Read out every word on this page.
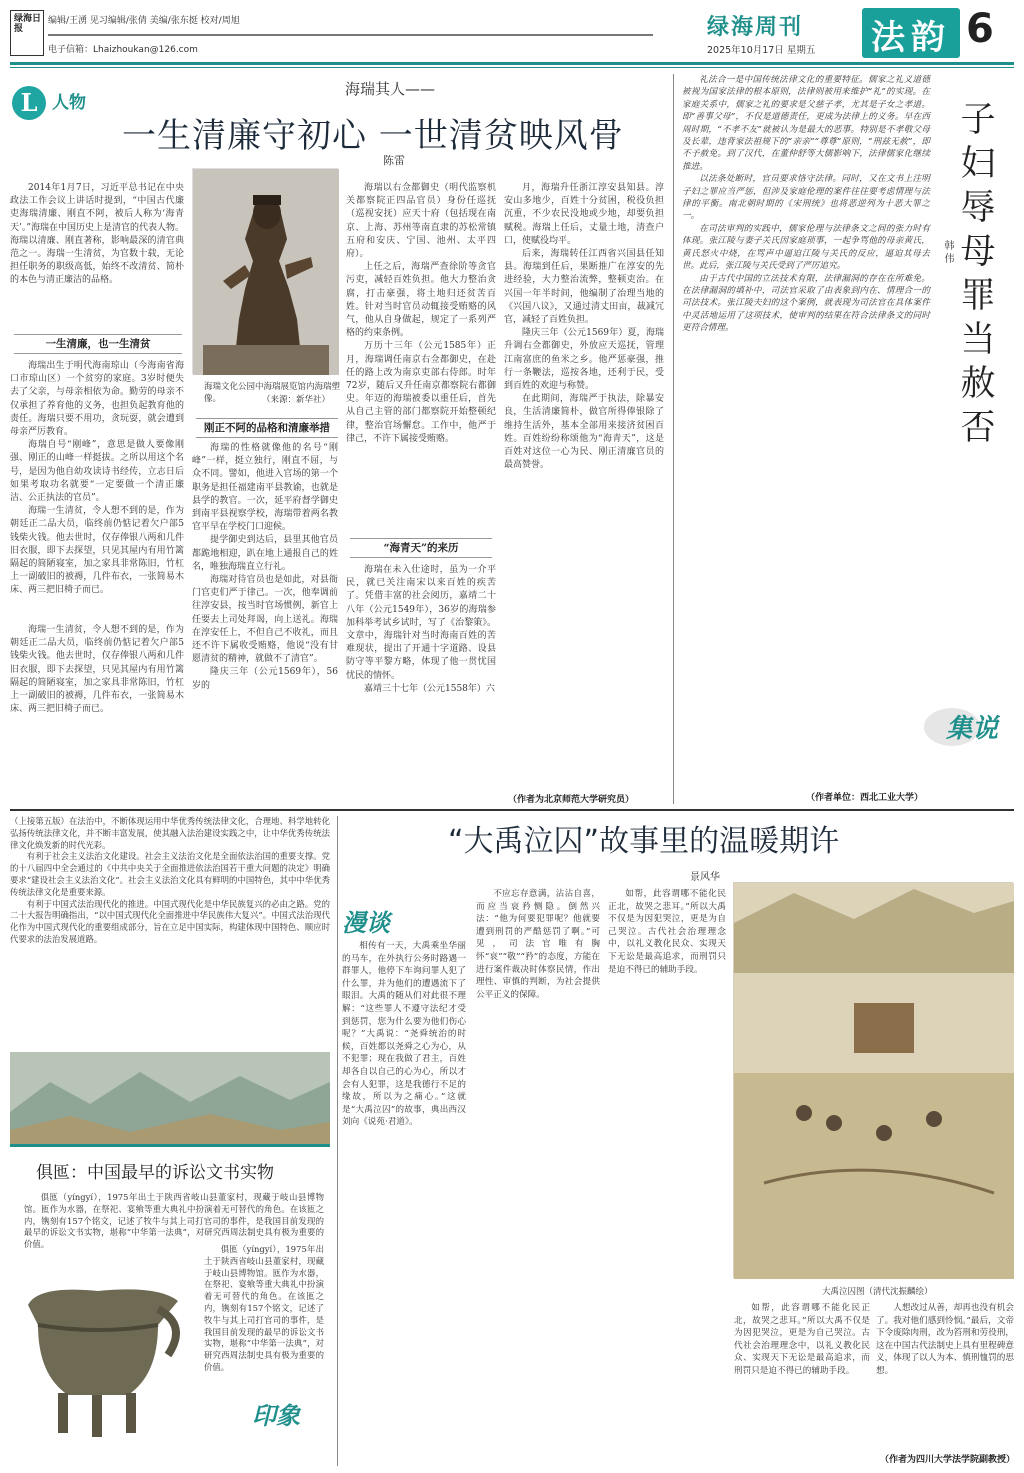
绿海日报
编辑/王湧 见习编辑/张倩 美编/张东挺 校对/周旭
电子信箱：Lhaizhoukan@126.com
绿海周刊
2025年10月17日 星期五 法韵 6
L 人物
海瑞其人——
一生清廉守初心 一世清贫映风骨
陈雷

2014年1月7日，习近平总书记在中央政法工作会议上讲话时提到，“中国古代廉吏海瑞清廉、刚直不阿，被后人称为‘海青天’。”海瑞在中国历史上是清官的代表人物。海瑞以清廉、刚直著称，影响最深的清官典范之一。海瑞一生清贫，为官数十载，无论担任职务的职级高低，始终不改清贫、简朴的本色与清正廉洁的品格。

一生清廉，也一生清贫

海瑞出生于明代海南琼山（今海南省海口市琼山区）一个贫穷的家庭。3岁时便失去了父亲，与母亲相依为命。勤劳的母亲不仅承担了养育他的义务，也担负起教育他的责任。海瑞只要不用功，贪玩耍，就会遭到母亲严厉教育。

海瑞自号“刚峰”，意思是做人要像刚强、刚正的山峰一样挺拔。之所以用这个名号，是因为他自幼攻读诗书经传，立志日后如果考取功名就要“一定要做一个清正廉洁、公正执法的官员”。

海瑞一生清贫，令人想不到的是，作为朝廷正二品大员，临终前仍惦记着欠户部5钱柴火钱。他去世时，仅存俸银八两和几件旧衣服，即下去探望，只见其屋内有用竹篱隔起的简陋寝室，加之家具非常陈旧，竹杠上一副破旧的被褥，几件布衣，一张简易木床、两三把旧椅子而已。

海瑞一生清贫，令人想不到的是，作为朝廷正二品大员，临终前仍惦记着欠户部5钱柴火钱。他去世时，仅存俸银八两和几件旧衣服，即下去探望，只见其屋内有用竹篱隔起的简陋寝室，加之家具非常陈旧，竹杠上一副破旧的被褥，几件布衣，一张简易木床、两三把旧椅子而已。

海瑞文化公园中海瑞展览馆内海瑞塑像。	（来源：新华社）
刚正不阿的品格和清廉举措

海瑞的性格就像他的名号“刚峰”一样，挺立独行，刚直不屈，与众不同。譬如，他进入官场的第一个职务是担任福建南平县教谕，也就是县学的教官。一次，延平府督学御史到南平县视察学校，海瑞带着两名教官平早在学校门口迎候。

提学御史到达后，县里其他官员都跪地相迎，趴在地上通报自己的姓名，唯独海瑞直立行礼。

海瑞对待官员也是如此，对县衙门官吏们严于律己。一次，他奉调前往淳安县，按当时官场惯例，新官上任要去上司处拜谒，向上送礼。海瑞在淳安任上，不但自己不收礼，而且还不许下属收受贿赂，他说“没有甘愿清贫的精神，就做不了清官”。

隆庆三年（公元1569年），56岁的

海瑞以右佥都御史（明代监察机关都察院正四品官员）身份任巡抚（巡视安抚）应天十府（包括现在南京、上海、苏州等南直隶的苏松常镇五府和安庆、宁国、池州、太平四府）。

上任之后，海瑞严查徐阶等贪官污吏，减轻百姓负担。他大力整治贪腐，打击豪强，将土地归还贫苦百姓。针对当时官员动辄接受贿赂的风气，他从自身做起，规定了一系列严格的约束条例。

万历十三年（公元1585年）正月，海瑞调任南京右佥都御史，在赴任的路上改为南京吏部右侍郎。时年72岁，随后又升任南京都察院右都御史。年迈的海瑞被委以重任后，首先从自己主管的部门都察院开始整顿纪律，整治官场懈怠。工作中，他严于律己，不许下属接受贿赂。

“海青天”的来历

海瑞在未入仕途时，虽为一介平民，就已关注南宋以来百姓的疾苦了。凭借丰富的社会阅历，嘉靖二十八年（公元1549年），36岁的海瑞参加科举考试乡试时，写了《治黎策》。文章中，海瑞针对当时海南百姓的苦难现状，提出了开通十字道路、设县防守等平黎方略，体现了他一贯忧国忧民的情怀。

嘉靖三十七年（公元1558年）六

月，海瑞升任浙江淳安县知县。淳安山多地少，百姓十分贫困，税役负担沉重，不少农民没地或少地，却要负担赋税。海瑞上任后，丈量土地，清查户口，使赋役均平。

后来，海瑞转任江西省兴国县任知县。海瑞到任后，果断推广在淳安的先进经验，大力整治流弊，整顿吏治。在兴国一年半时间，他编制了治理当地的《兴国八议》，又通过清丈田亩，裁减冗官，减轻了百姓负担。

隆庆三年（公元1569年）夏，海瑞升调右佥都御史，外放应天巡抚，管理江南富庶的鱼米之乡。他严惩豪强，推行一条鞭法，巡按各地，还利于民，受到百姓的欢迎与称赞。

在此期间，海瑞严于执法，除暴安良，生活清廉简朴，做官所得俸银除了维持生活外，基本全部用来接济贫困百姓。百姓纷纷称颂他为“海青天”，这是百姓对这位一心为民、刚正清廉官员的最高赞誉。

（作者为北京师范大学研究员）

礼法合一是中国传统法律文化的重要特征。儒家之礼义道德被视为国家法律的根本原则，法律则被用来维护“礼”的实现。在家庭关系中，儒家之礼的要求是父慈子孝，尤其是子女之孝道。即“善事父母”，不仅是道德责任，更成为法律上的义务。早在西周时期，“不孝不友”就被认为是最大的恶事。特别是不孝敬父母及长辈，违背家法祖规下的“亲亲”“尊尊”原则，“刑兹无赦”，即不予赦免。到了汉代，在董仲舒等大儒影响下，法律儒家化继续推进。

以法条处断时，官员要求恪守法律。同时，又在文书上注明子妇之罪应当严惩，但涉及家庭伦理的案件往往要考虑情理与法律的平衡。南北朝时期的《宋刑统》也将恶逆列为十恶大罪之一。

在司法审判的实践中，儒家伦理与法律条文之间的张力时有体现。张江陵与妻子关氏因家庭琐事，一起争骂他的母亲黄氏，黄氏怒火中烧，在骂声中逼迫江陵与关氏的反应，逼迫其母去世。此后，张江陵与关氏受到了严厉追究。

由于古代中国的立法技术有限，法律漏洞的存在在所难免。在法律漏洞的填补中，司法官采取了由表象到内在、情理合一的司法技术。张江陵夫妇的这个案例，就表现为司法官在具体案件中灵活地运用了这项技术，使审判的结果在符合法律条文的同时更符合情理。

子妇辱母罪当赦否
韩伟
集说
（作者单位：西北工业大学）

（上接第五版）在法治中，不断体现运用中华优秀传统法律文化，合理地、科学地转化弘扬传统法律文化，并不断丰富发展，使其融入法治建设实践之中，让中华优秀传统法律文化焕发新的时代光彩。

有利于社会主义法治文化建设。社会主义法治文化是全面依法治国的重要支撑。党的十八届四中全会通过的《中共中央关于全面推进依法治国若干重大问题的决定》明确要求“建设社会主义法治文化”。社会主义法治文化具有鲜明的中国特色，其中中华优秀传统法律文化是重要来源。

有利于中国式法治现代化的推进。中国式现代化是中华民族复兴的必由之路。党的二十大报告明确指出，“以中国式现代化全面推进中华民族伟大复兴”。中国式法治现代化作为中国式现代化的重要组成部分，旨在立足中国实际，构建体现中国特色、顺应时代要求的法治发展道路。

俱匜：中国最早的诉讼文书实物

俱匜（yíngyí），1975年出土于陕西省岐山县董家村，现藏于岐山县博物馆。匜作为水器，在祭祀、宴飨等重大典礼中扮演着无可替代的角色。在该匜之内，镌刻有157个铭文，记述了牧牛与其上司打官司的事件，是我国目前发现的最早的诉讼文书实物，堪称“中华第一法典”，对研究西周法制史具有极为重要的价值。	俱匜（yíngyí），1975年出土于陕西省岐山县董家村，现藏于岐山县博物馆。匜作为水器，在祭祀、宴飨等重大典礼中扮演着无可替代的角色。在该匜之内，镌刻有157个铭文，记述了牧牛与其上司打官司的事件，是我国目前发现的最早的诉讼文书实物，堪称“中华第一法典”，对研究西周法制史具有极为重要的价值。

印象
“大禹泣囚”故事里的温暖期许
景风华
漫谈

相传有一天，大禹乘坐华丽的马车，在外执行公务时路遇一群罪人，他停下车询问罪人犯了什么罪，并为他们的遭遇流下了眼泪。大禹的随从们对此很不理解：“这些罪人不遵守法纪才受到惩罚，您为什么要为他们伤心呢？”大禹说：“尧舜统治的时候，百姓都以尧舜之心为心，从不犯罪；现在我做了君主，百姓却各自以自己的心为心，所以才会有人犯罪，这是我德行不足的缘故，所以为之痛心。”这就是“大禹泣囚”的故事，典出西汉刘向《说苑·君道》。

不应忘存意满，沾沾自喜，而应当哀矜恻隐。倒然兴法：“他为何要犯罪呢？他就要遭到刑罚的严酷惩罚了啊。”可见，司法官唯有胸怀“哀”“敬”“矜”的态度，方能在进行案件裁决时体察民情，作出理性、审慎的判断，为社会提供公平正义的保障。

如帮，此容谓哪不能化民正北，故哭之悲耳。”所以大禹不仅是为因犯哭泣，更是为自己哭泣。古代社会治理理念中，以礼义教化民众、实现天下无讼是最高追求，而刑罚只是迫不得已的辅助手段。

大禹泣囚图（清代沈振麟绘）

如帮，此容谓哪不能化民正北，故哭之悲耳。”所以大禹不仅是为因犯哭泣，更是为自己哭泣。古代社会治理理念中，以礼义教化民众、实现天下无讼是最高追求，而刑罚只是迫不得已的辅助手段。

人想改过从善，却再也没有机会了。我对他们感到怜悯。”最后，文帝下令废除肉刑，改为笞刑和劳役刑，这在中国古代法制史上具有里程碑意义，体现了以人为本、慎刑恤罚的思想。

（作者为四川大学法学院副教授）
